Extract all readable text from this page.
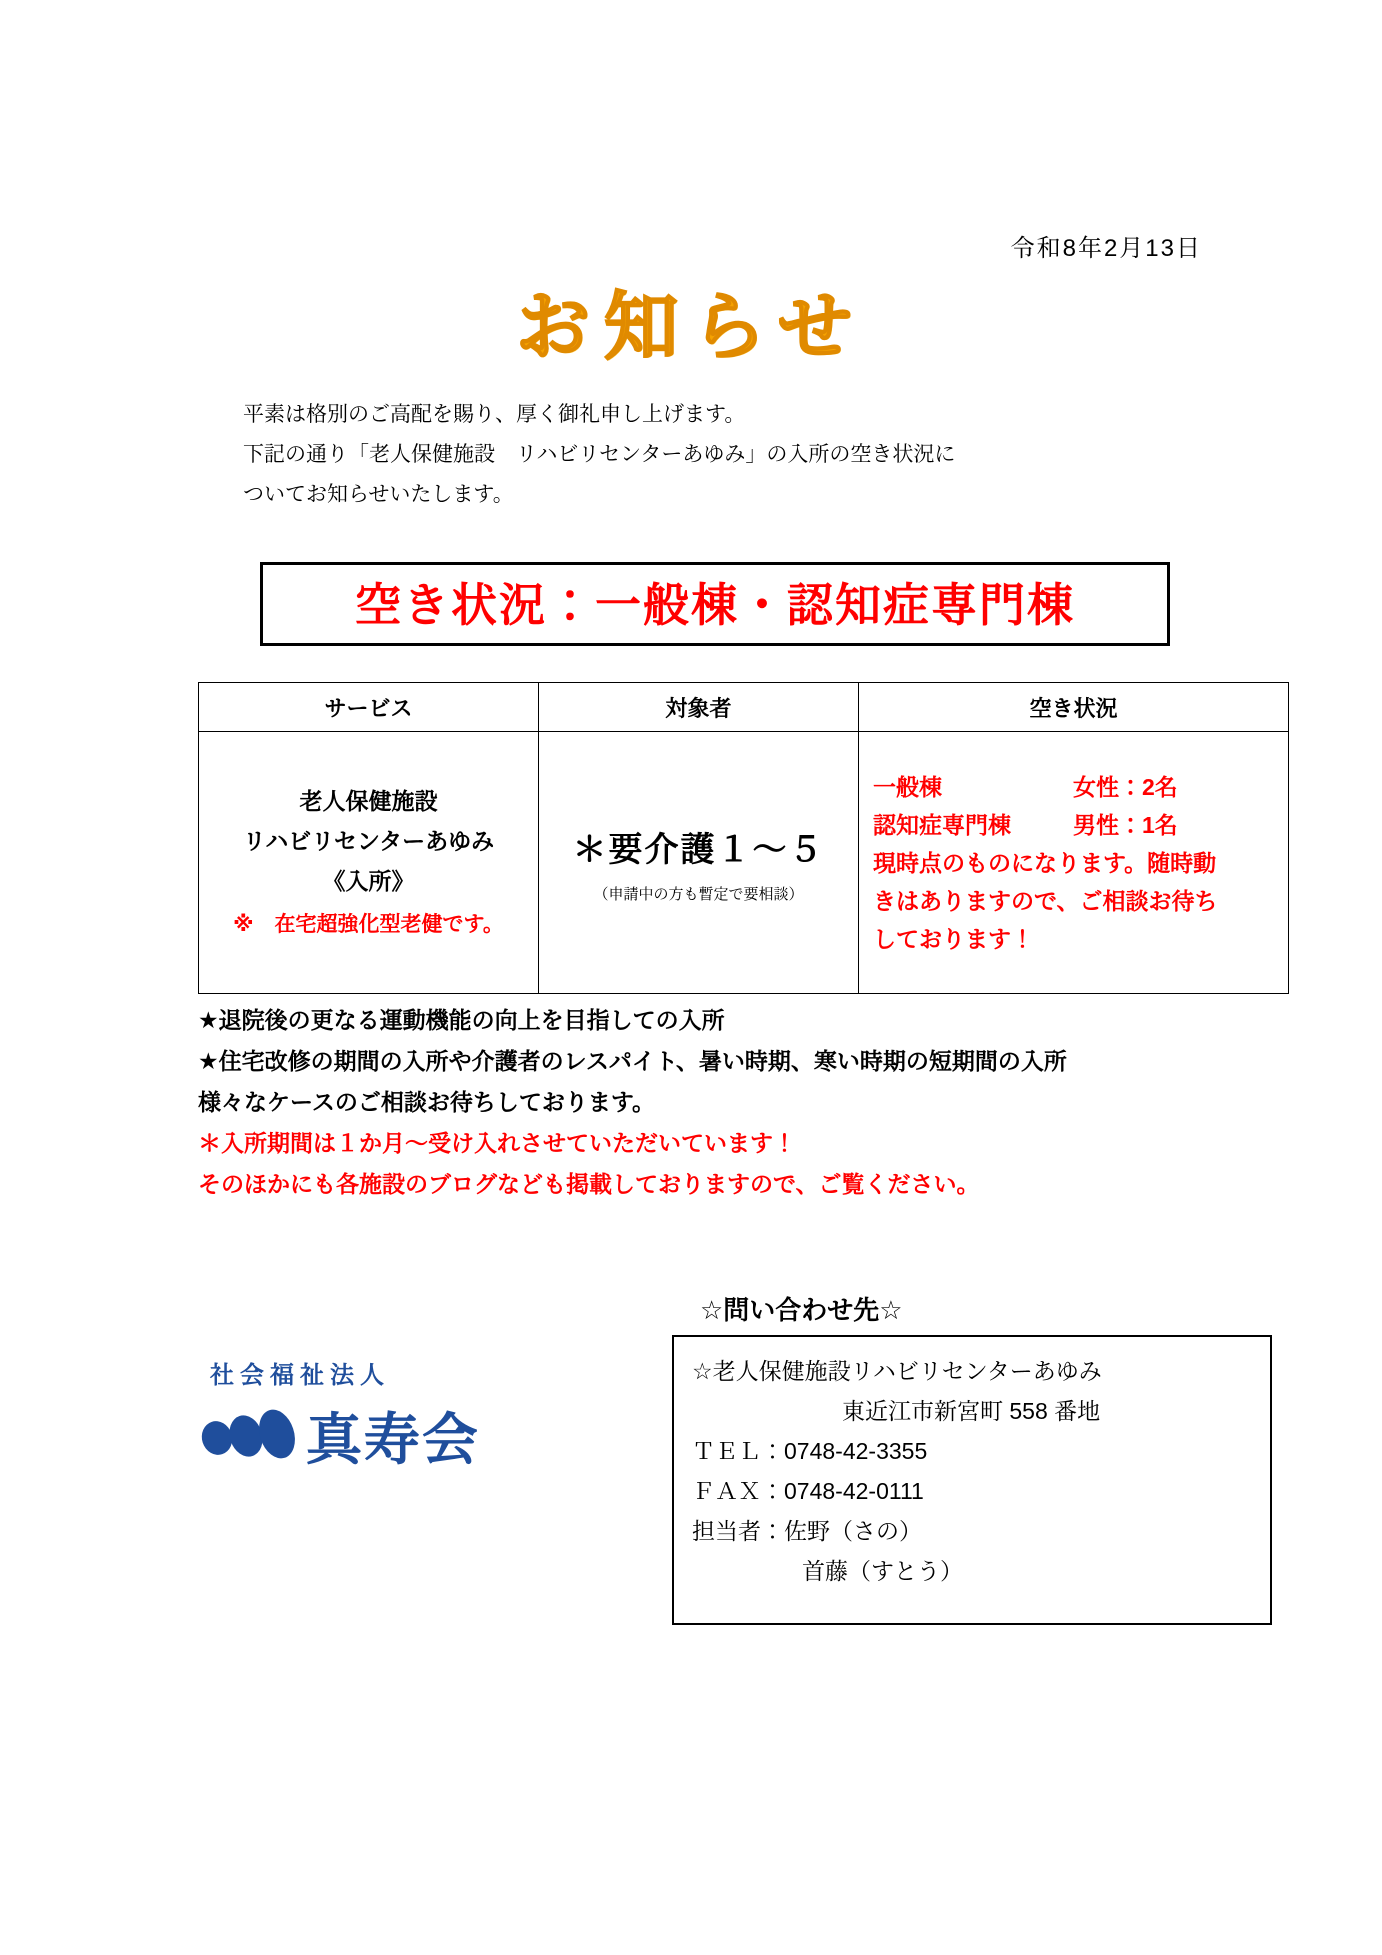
令和8年2月13日
お知らせ
平素は格別のご高配を賜り、厚く御礼申し上げます。
下記の通り「老人保健施設　リハビリセンターあゆみ」の入所の空き状況に
ついてお知らせいたします。
空き状況：一般棟・認知症専門棟
サービス	対象者	空き状況

老人保健施設
リハビリセンターあゆみ
《入所》
※　在宅超強化型老健です。

＊要介護１～５
（申請中の方も暫定で要相談）

一般棟	女性：2名
認知症専門棟	男性：1名
現時点のものになります。随時動
きはありますので、ご相談お待ち
しております！
★退院後の更なる運動機能の向上を目指しての入所
★住宅改修の期間の入所や介護者のレスパイト、暑い時期、寒い時期の短期間の入所
様々なケースのご相談お待ちしております。
＊入所期間は１か月～受け入れさせていただいています！
そのほかにも各施設のブログなども掲載しておりますので、ご覧ください。
☆問い合わせ先☆
☆老人保健施設リハビリセンターあゆみ
東近江市新宮町 558 番地
ＴＥＬ：0748-42-3355
ＦＡＸ：0748-42-0111
担当者：佐野（さの）
首藤（すとう）
社会福祉法人
真寿会
